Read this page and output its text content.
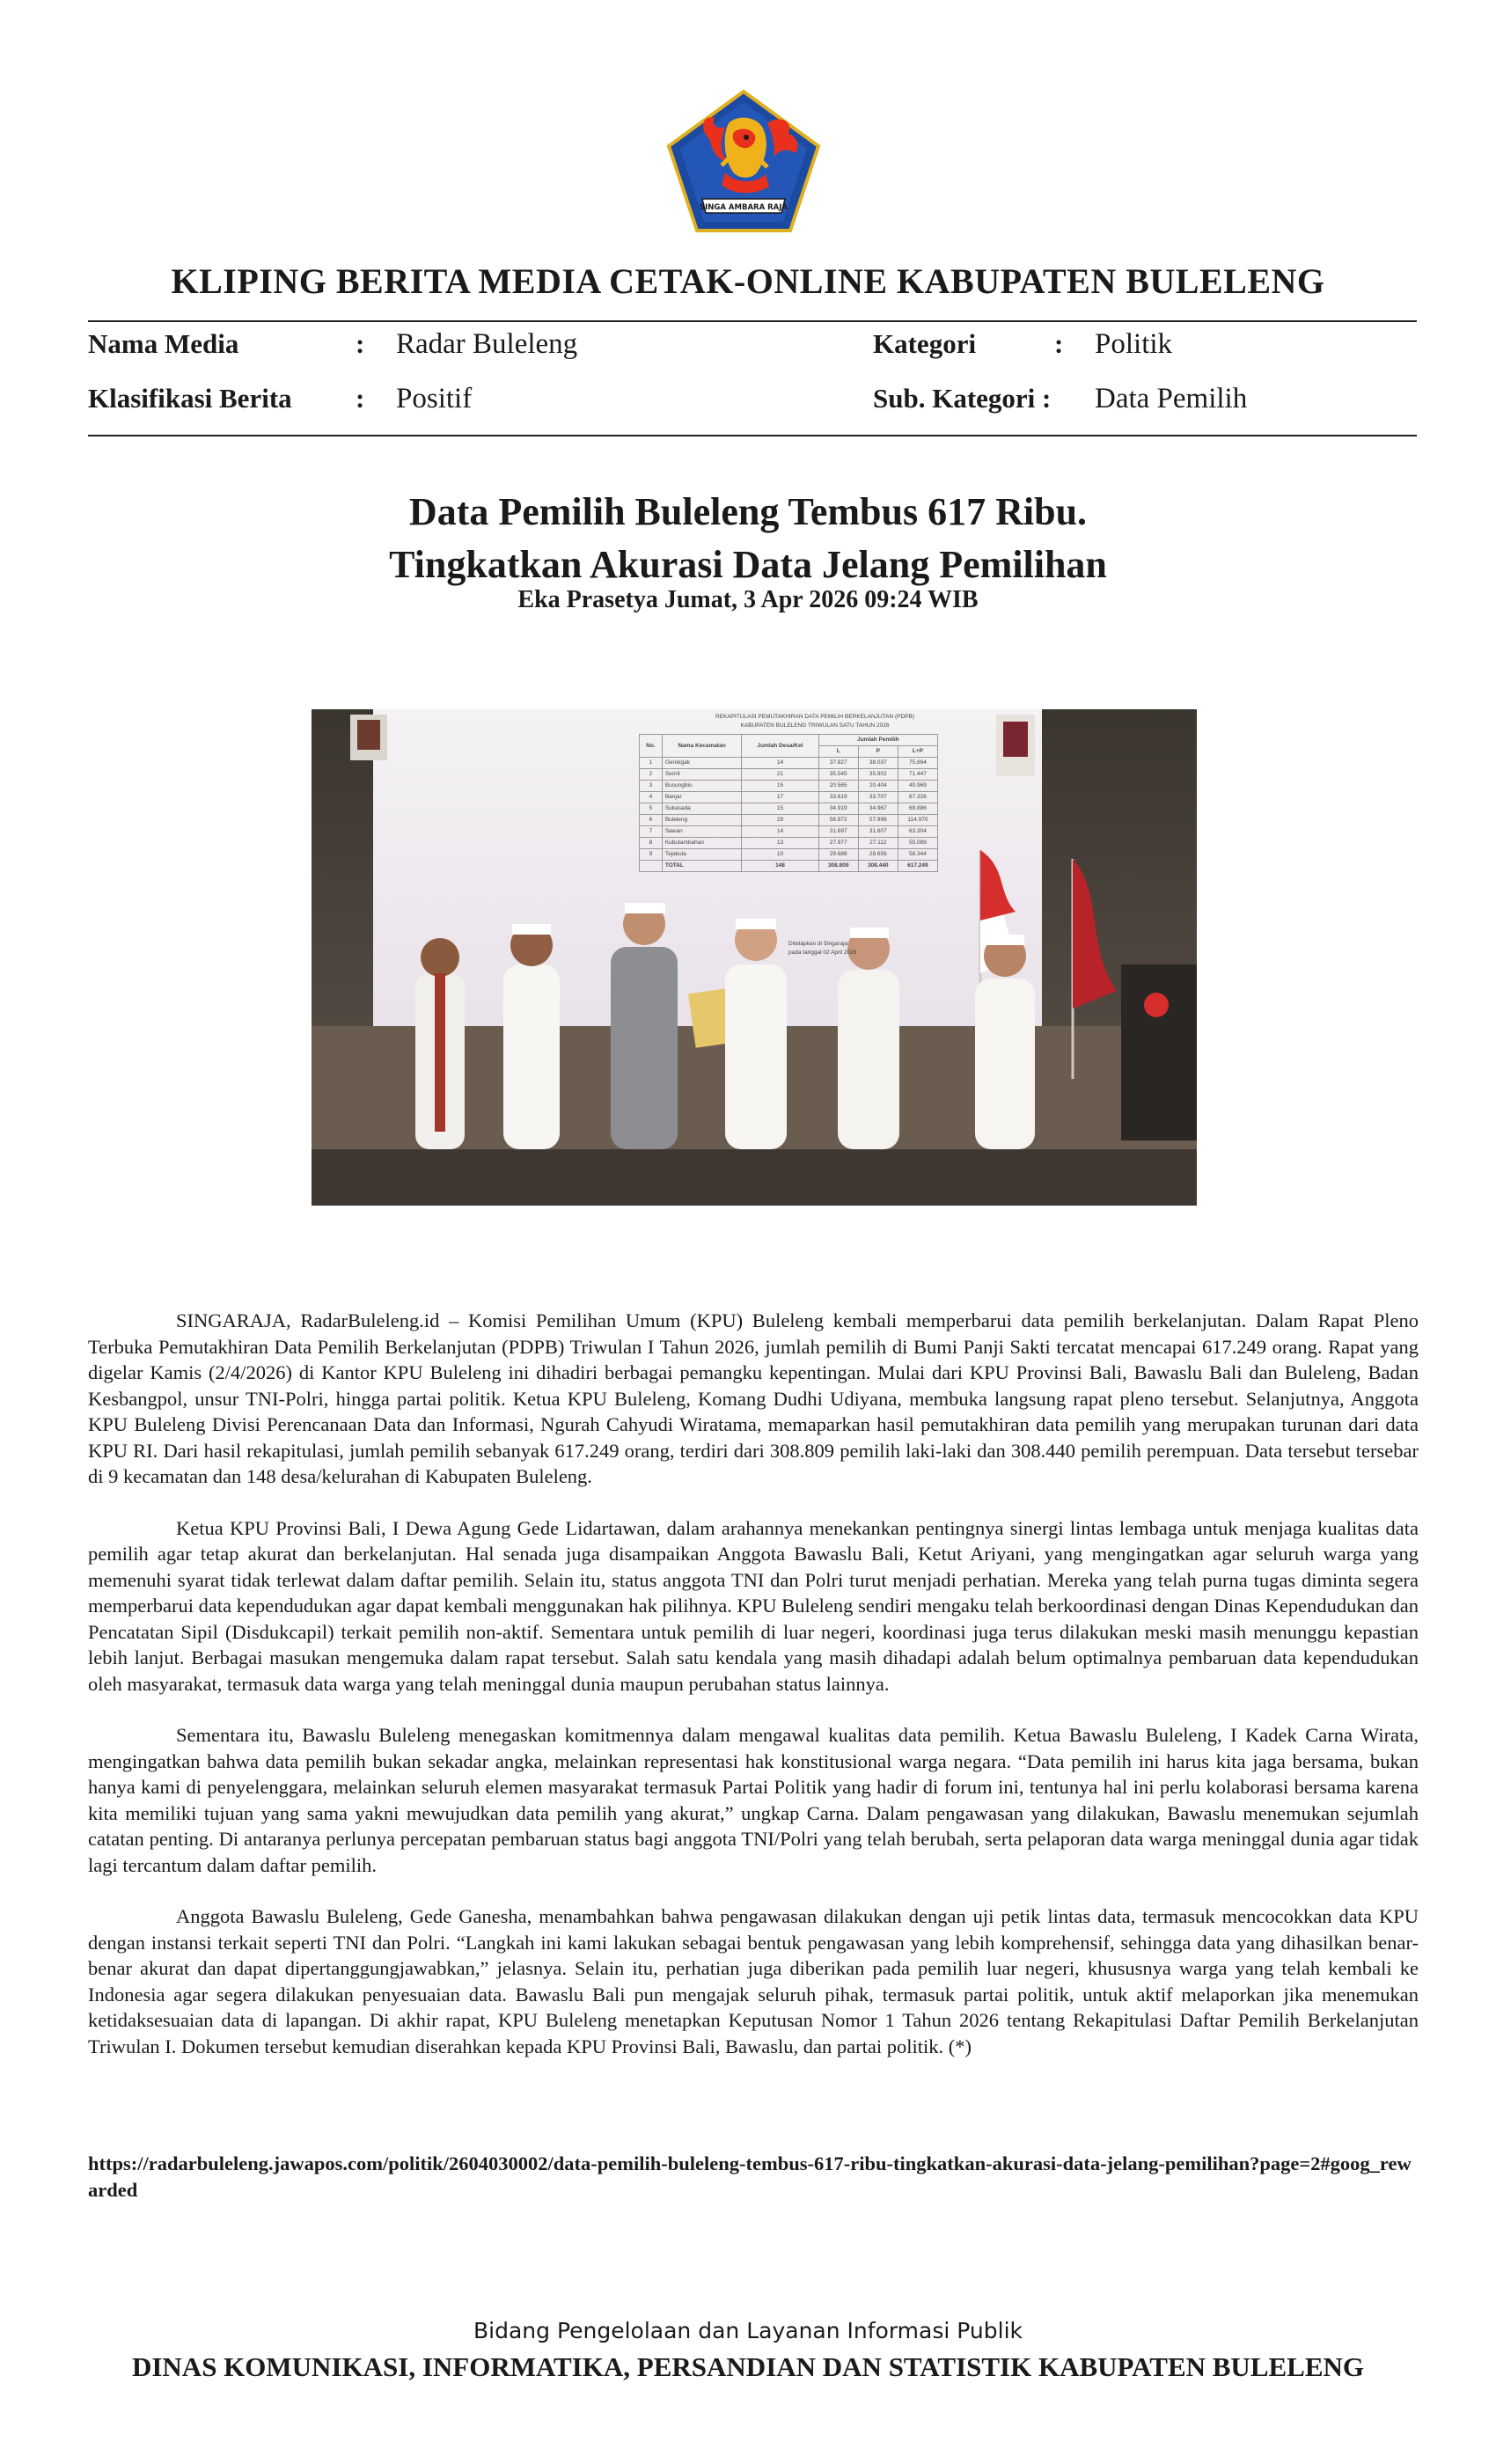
SINGA AMBARA RAJA
KLIPING BERITA MEDIA CETAK-ONLINE KABUPATEN BULELENG
Nama Media	: Radar Buleleng	Kategori	: Politik
Klasifikasi Berita : Positif	Sub. Kategori : Data Pemilih
Data Pemilih Buleleng Tembus 617 Ribu.
Tingkatkan Akurasi Data Jelang Pemilihan
Eka Prasetya Jumat, 3 Apr 2026 09:24 WIB
REKAPITULASI PEMUTAKHIRAN DATA PEMILIH BERKELANJUTAN (PDPB)
KABUPATEN BULELENG TRIWULAN SATU TAHUN 2026
No.	Nama Kecamatan	Jumlah Desa/Kel	Jumlah Pemilih		
			L	P	L+P
1	Gerokgak	14	37.827	38.037	75.864
2	Seririt	21	35.545	35.902	71.447
3	Busungbiu	15	20.565	20.404	40.969
4	Banjar	17	33.619	33.707	67.326
5	Sukasada	15	34.919	34.967	69.886
6	Buleleng	29	56.972	57.998	114.970
7	Sawan	14	31.697	31.607	63.304
8	Kubutambahan	13	27.977	27.112	55.089
9	Tejakula	10	29.688	28.656	58.344
	TOTAL	148	308.809	308.440	617.249
Ditetapkan di Singaraja
pada tanggal 02 April 2026

SINGARAJA, RadarBuleleng.id – Komisi Pemilihan Umum (KPU) Buleleng kembali memperbarui data pemilih berkelanjutan. Dalam Rapat Pleno Terbuka Pemutakhiran Data Pemilih Berkelanjutan (PDPB) Triwulan I Tahun 2026, jumlah pemilih di Bumi Panji Sakti tercatat mencapai 617.249 orang. Rapat yang digelar Kamis (2/4/2026) di Kantor KPU Buleleng ini dihadiri berbagai pemangku kepentingan. Mulai dari KPU Provinsi Bali, Bawaslu Bali dan Buleleng, Badan Kesbangpol, unsur TNI-Polri, hingga partai politik. Ketua KPU Buleleng, Komang Dudhi Udiyana, membuka langsung rapat pleno tersebut. Selanjutnya, Anggota KPU Buleleng Divisi Perencanaan Data dan Informasi, Ngurah Cahyudi Wiratama, memaparkan hasil pemutakhiran data pemilih yang merupakan turunan dari data KPU RI. Dari hasil rekapitulasi, jumlah pemilih sebanyak 617.249 orang, terdiri dari 308.809 pemilih laki-laki dan 308.440 pemilih perempuan. Data tersebut tersebar di 9 kecamatan dan 148 desa/kelurahan di Kabupaten Buleleng.

Ketua KPU Provinsi Bali, I Dewa Agung Gede Lidartawan, dalam arahannya menekankan pentingnya sinergi lintas lembaga untuk menjaga kualitas data pemilih agar tetap akurat dan berkelanjutan. Hal senada juga disampaikan Anggota Bawaslu Bali, Ketut Ariyani, yang mengingatkan agar seluruh warga yang memenuhi syarat tidak terlewat dalam daftar pemilih. Selain itu, status anggota TNI dan Polri turut menjadi perhatian. Mereka yang telah purna tugas diminta segera memperbarui data kependudukan agar dapat kembali menggunakan hak pilihnya. KPU Buleleng sendiri mengaku telah berkoordinasi dengan Dinas Kependudukan dan Pencatatan Sipil (Disdukcapil) terkait pemilih non-aktif. Sementara untuk pemilih di luar negeri, koordinasi juga terus dilakukan meski masih menunggu kepastian lebih lanjut. Berbagai masukan mengemuka dalam rapat tersebut. Salah satu kendala yang masih dihadapi adalah belum optimalnya pembaruan data kependudukan oleh masyarakat, termasuk data warga yang telah meninggal dunia maupun perubahan status lainnya.

Sementara itu, Bawaslu Buleleng menegaskan komitmennya dalam mengawal kualitas data pemilih. Ketua Bawaslu Buleleng, I Kadek Carna Wirata, mengingatkan bahwa data pemilih bukan sekadar angka, melainkan representasi hak konstitusional warga negara. “Data pemilih ini harus kita jaga bersama, bukan hanya kami di penyelenggara, melainkan seluruh elemen masyarakat termasuk Partai Politik yang hadir di forum ini, tentunya hal ini perlu kolaborasi bersama karena kita memiliki tujuan yang sama yakni mewujudkan data pemilih yang akurat,” ungkap Carna. Dalam pengawasan yang dilakukan, Bawaslu menemukan sejumlah catatan penting. Di antaranya perlunya percepatan pembaruan status bagi anggota TNI/Polri yang telah berubah, serta pelaporan data warga meninggal dunia agar tidak lagi tercantum dalam daftar pemilih.

Anggota Bawaslu Buleleng, Gede Ganesha, menambahkan bahwa pengawasan dilakukan dengan uji petik lintas data, termasuk mencocokkan data KPU dengan instansi terkait seperti TNI dan Polri. “Langkah ini kami lakukan sebagai bentuk pengawasan yang lebih komprehensif, sehingga data yang dihasilkan benar-benar akurat dan dapat dipertanggungjawabkan,” jelasnya. Selain itu, perhatian juga diberikan pada pemilih luar negeri, khususnya warga yang telah kembali ke Indonesia agar segera dilakukan penyesuaian data. Bawaslu Bali pun mengajak seluruh pihak, termasuk partai politik, untuk aktif melaporkan jika menemukan ketidaksesuaian data di lapangan. Di akhir rapat, KPU Buleleng menetapkan Keputusan Nomor 1 Tahun 2026 tentang Rekapitulasi Daftar Pemilih Berkelanjutan Triwulan I. Dokumen tersebut kemudian diserahkan kepada KPU Provinsi Bali, Bawaslu, dan partai politik. (*)

https://radarbuleleng.jawapos.com/politik/2604030002/data-pemilih-buleleng-tembus-617-ribu-tingkatkan-akurasi-data-jelang-pemilihan?page=2#goog_rewarded
Bidang Pengelolaan dan Layanan Informasi Publik
DINAS KOMUNIKASI, INFORMATIKA, PERSANDIAN DAN STATISTIK KABUPATEN BULELENG
